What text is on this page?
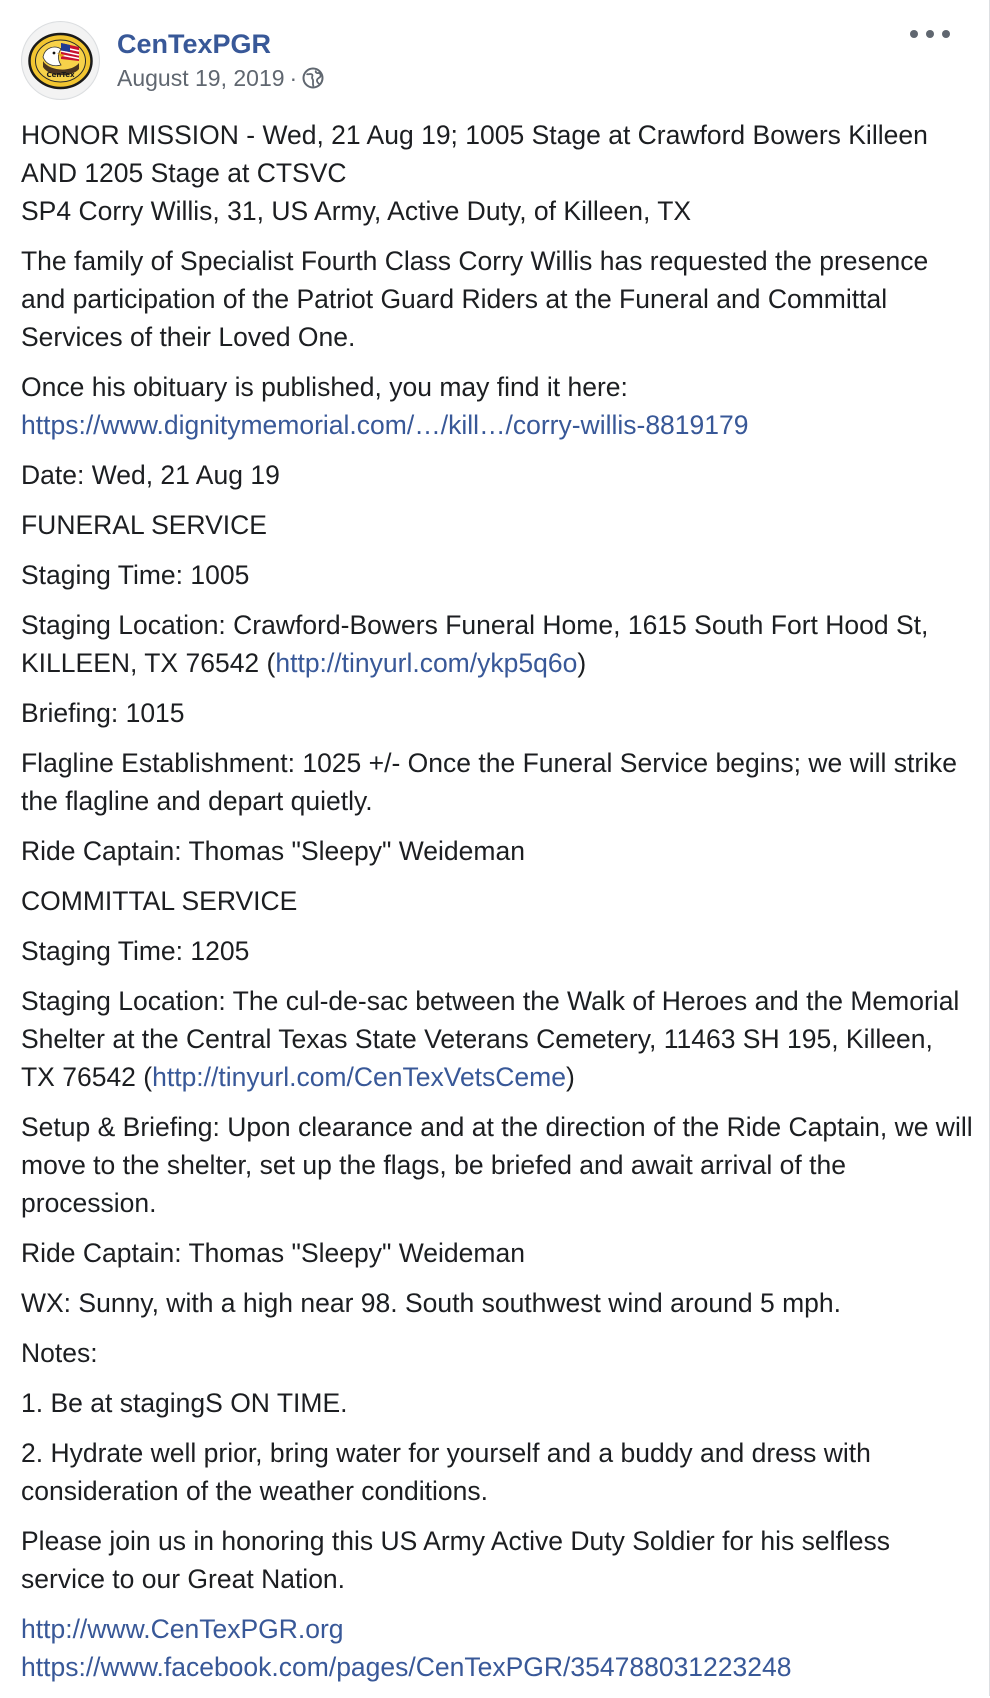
CenTex
CenTexPGR
August 19, 2019 ·

HONOR MISSION - Wed, 21 Aug 19; 1005 Stage at Crawford Bowers Killeen AND 1205 Stage at CTSVC
SP4 Corry Willis, 31, US Army, Active Duty, of Killeen, TX

The family of Specialist Fourth Class Corry Willis has requested the presence and participation of the Patriot Guard Riders at the Funeral and Committal Services of their Loved One.

Once his obituary is published, you may find it here:
https://www.dignitymemorial.com/…/kill…/corry-willis-8819179

Date: Wed, 21 Aug 19

FUNERAL SERVICE

Staging Time: 1005

Staging Location: Crawford-Bowers Funeral Home, 1615 South Fort Hood St, KILLEEN, TX 76542 (http://tinyurl.com/ykp5q6o)

Briefing: 1015

Flagline Establishment: 1025 +/- Once the Funeral Service begins; we will strike the flagline and depart quietly.

Ride Captain: Thomas "Sleepy" Weideman

COMMITTAL SERVICE

Staging Time: 1205

Staging Location: The cul-de-sac between the Walk of Heroes and the Memorial Shelter at the Central Texas State Veterans Cemetery, 11463 SH 195, Killeen, TX 76542 (http://tinyurl.com/CenTexVetsCeme)

Setup & Briefing: Upon clearance and at the direction of the Ride Captain, we will move to the shelter, set up the flags, be briefed and await arrival of the procession.

Ride Captain: Thomas "Sleepy" Weideman

WX: Sunny, with a high near 98. South southwest wind around 5 mph.

Notes:

1. Be at stagingS ON TIME.

2. Hydrate well prior, bring water for yourself and a buddy and dress with consideration of the weather conditions.

Please join us in honoring this US Army Active Duty Soldier for his selfless service to our Great Nation.

http://www.CenTexPGR.org
https://www.facebook.com/pages/CenTexPGR/354788031223248
